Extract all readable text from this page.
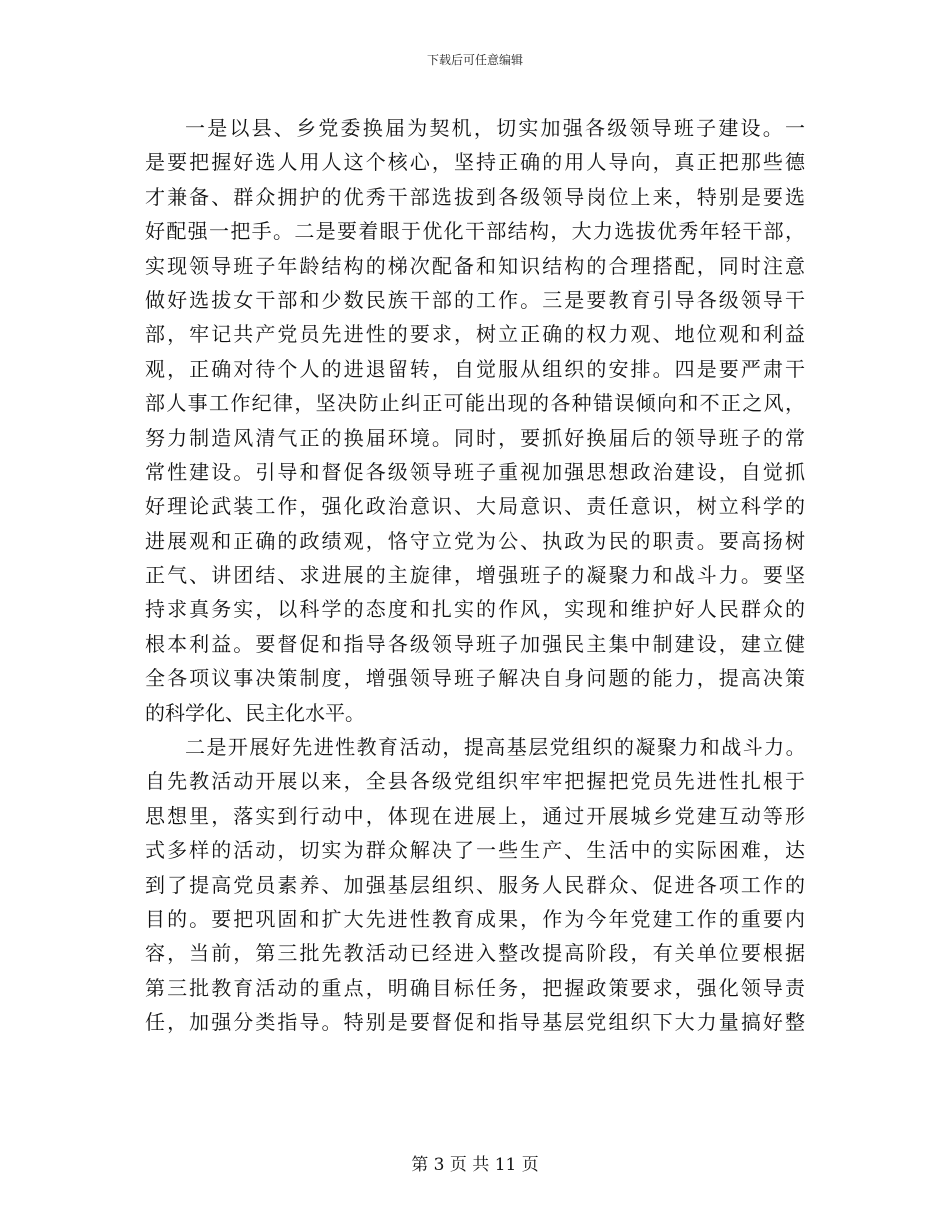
下载后可任意编辑
一是以县、乡党委换届为契机，切实加强各级领导班子建设。一
是要把握好选人用人这个核心，坚持正确的用人导向，真正把那些德
才兼备、群众拥护的优秀干部选拔到各级领导岗位上来，特别是要选
好配强一把手。二是要着眼于优化干部结构，大力选拔优秀年轻干部，
实现领导班子年龄结构的梯次配备和知识结构的合理搭配，同时注意
做好选拔女干部和少数民族干部的工作。三是要教育引导各级领导干
部，牢记共产党员先进性的要求，树立正确的权力观、地位观和利益
观，正确对待个人的进退留转，自觉服从组织的安排。四是要严肃干
部人事工作纪律，坚决防止纠正可能出现的各种错误倾向和不正之风，
努力制造风清气正的换届环境。同时，要抓好换届后的领导班子的常
常性建设。引导和督促各级领导班子重视加强思想政治建设，自觉抓
好理论武装工作，强化政治意识、大局意识、责任意识，树立科学的
进展观和正确的政绩观，恪守立党为公、执政为民的职责。要高扬树
正气、讲团结、求进展的主旋律，增强班子的凝聚力和战斗力。要坚
持求真务实，以科学的态度和扎实的作风，实现和维护好人民群众的
根本利益。要督促和指导各级领导班子加强民主集中制建设，建立健
全各项议事决策制度，增强领导班子解决自身问题的能力，提高决策
的科学化、民主化水平。
二是开展好先进性教育活动，提高基层党组织的凝聚力和战斗力。
自先教活动开展以来，全县各级党组织牢牢把握把党员先进性扎根于
思想里，落实到行动中，体现在进展上，通过开展城乡党建互动等形
式多样的活动，切实为群众解决了一些生产、生活中的实际困难，达
到了提高党员素养、加强基层组织、服务人民群众、促进各项工作的
目的。要把巩固和扩大先进性教育成果，作为今年党建工作的重要内
容，当前，第三批先教活动已经进入整改提高阶段，有关单位要根据
第三批教育活动的重点，明确目标任务，把握政策要求，强化领导责
任，加强分类指导。特别是要督促和指导基层党组织下大力量搞好整
第 3 页 共 11 页
